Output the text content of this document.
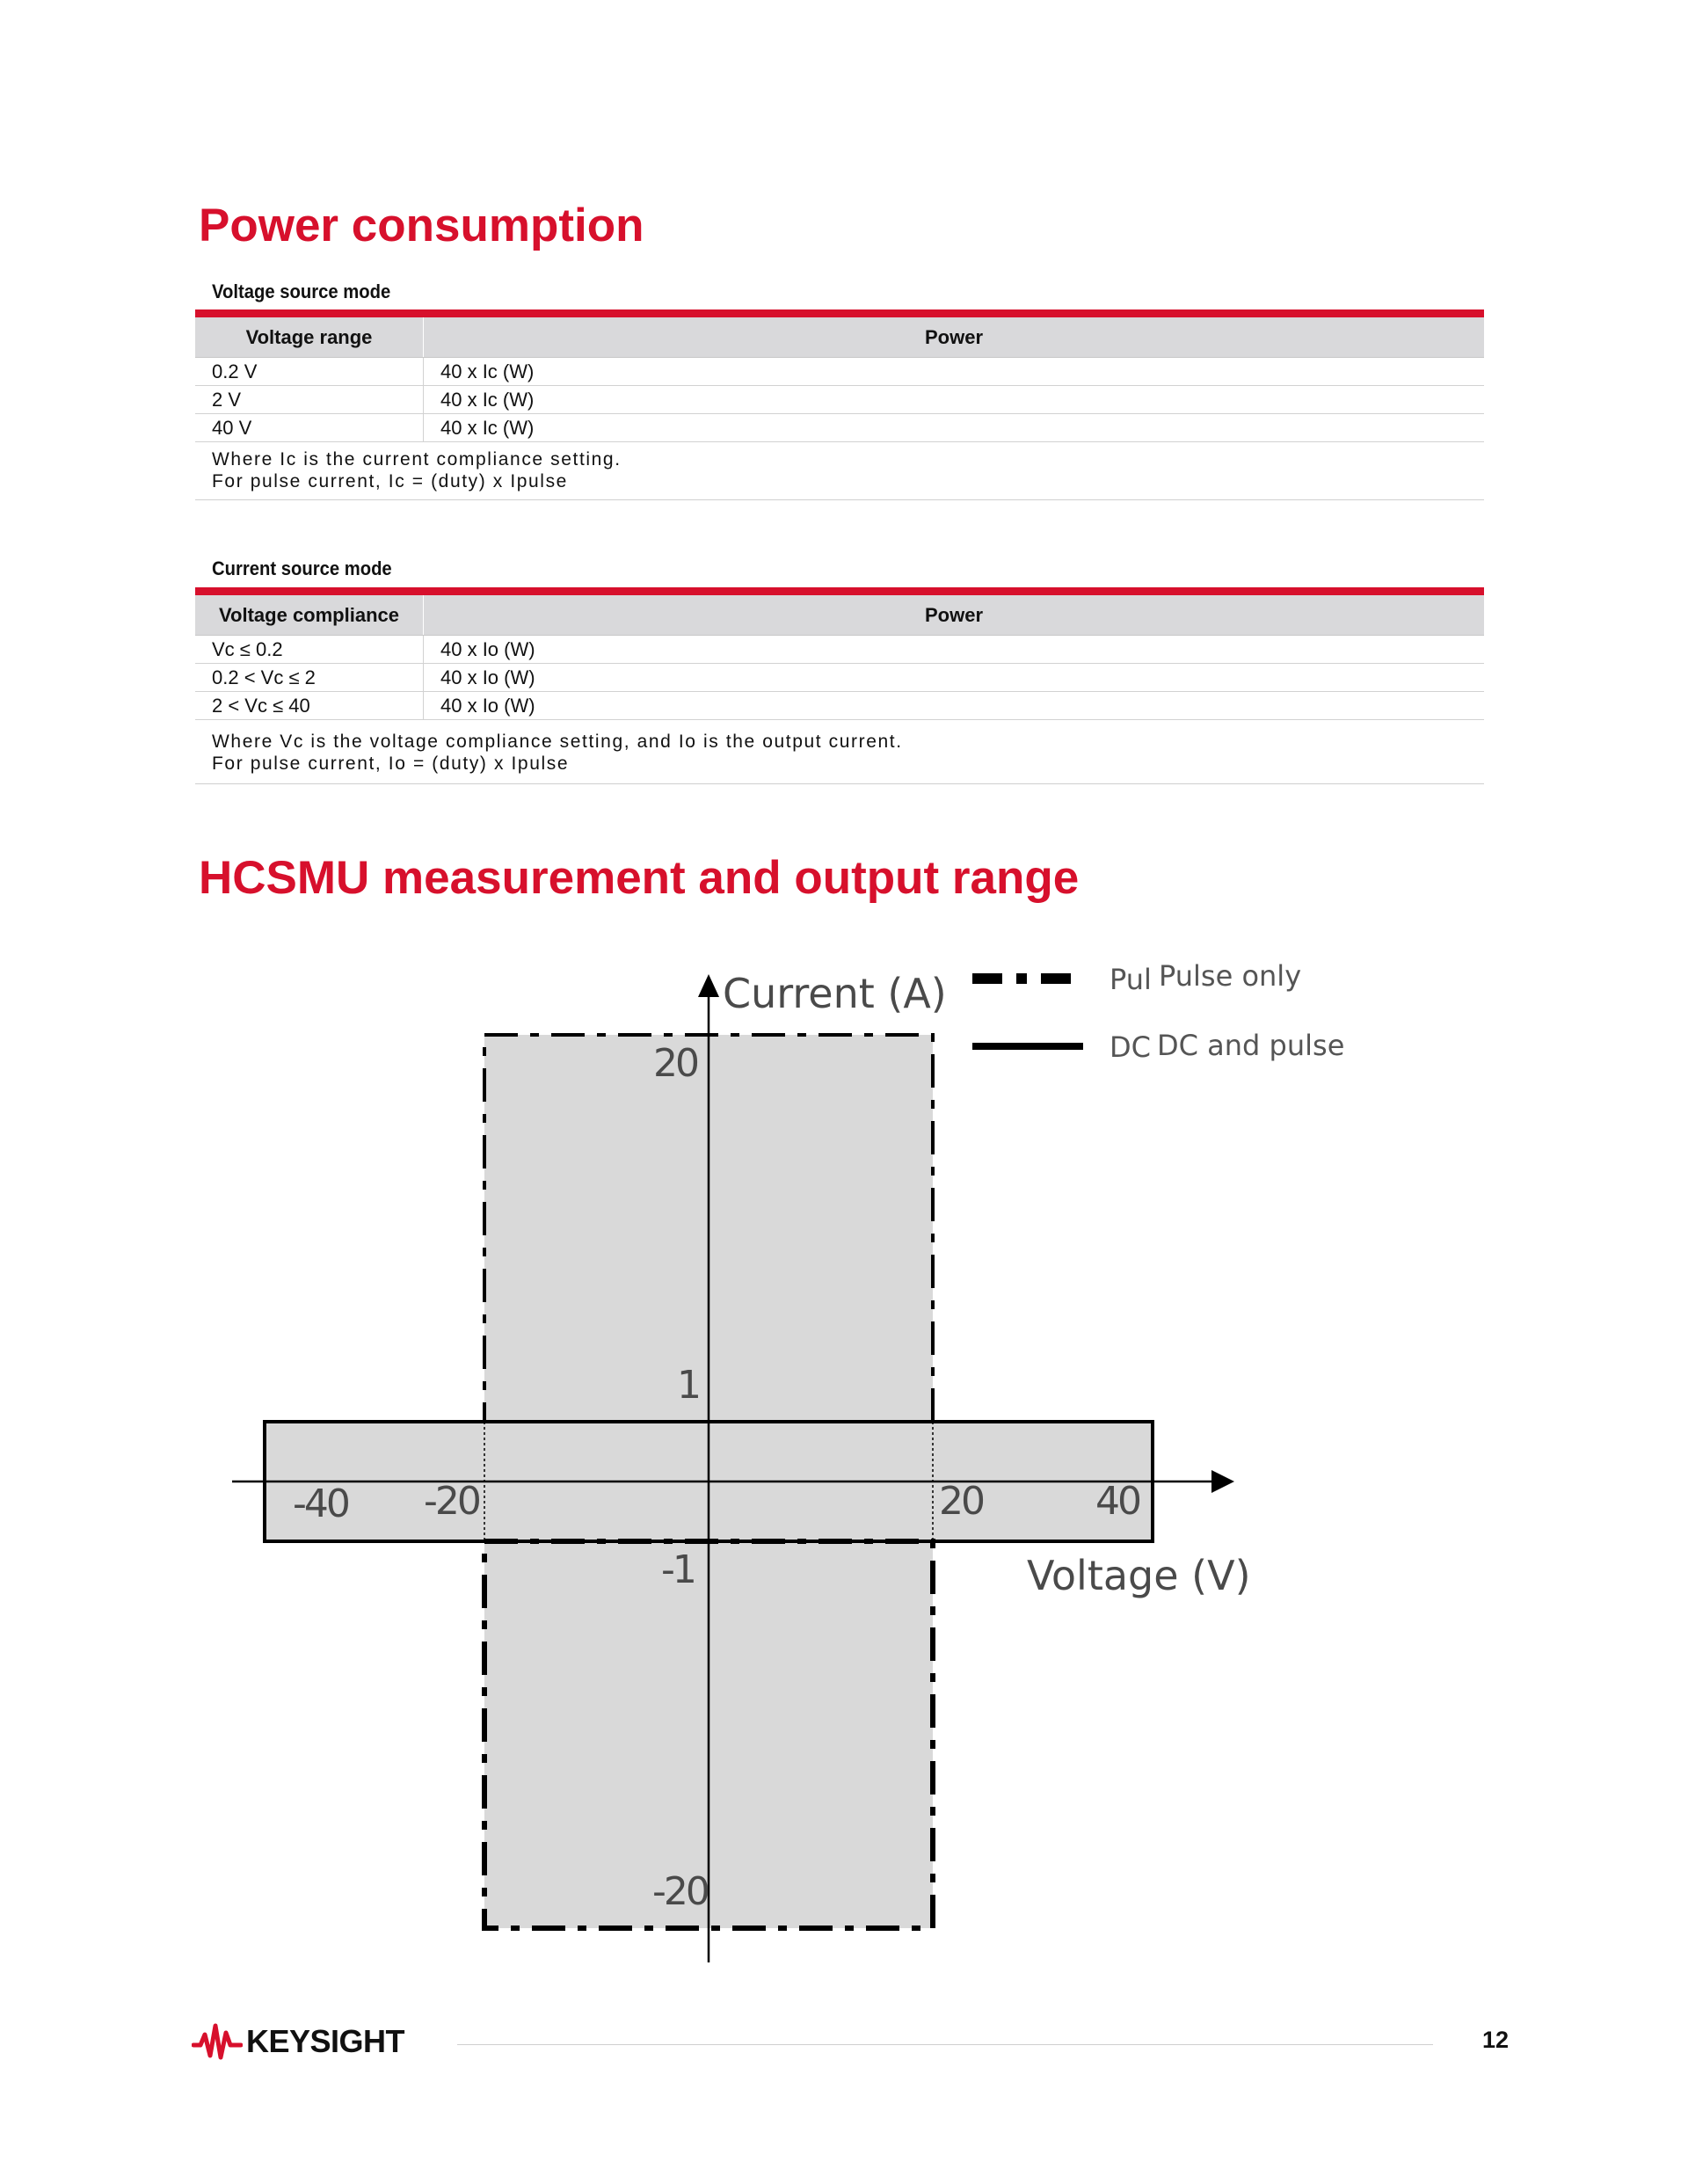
Power consumption
Voltage source mode
Voltage range	Power
0.2 V	40 x Ic (W)
2 V	40 x Ic (W)
40 V	40 x Ic (W)

Where Ic is the current compliance setting.
For pulse current, Ic = (duty) x Ipulse	
Current source mode
Voltage compliance	Power
Vc ≤ 0.2	40 x Io (W)
0.2 < Vc ≤ 2	40 x Io (W)
2 < Vc ≤ 40	40 x Io (W)

Where Vc is the voltage compliance setting, and Io is the output current.
For pulse current, Io = (duty) x Ipulse	
HCSMU measurement and output range
Current (A)
Voltage (V)
-40 -20	20	40
20
1
-1
-20
Pul Pulse only
DC DC and pulse
KEYSIGHT	12
